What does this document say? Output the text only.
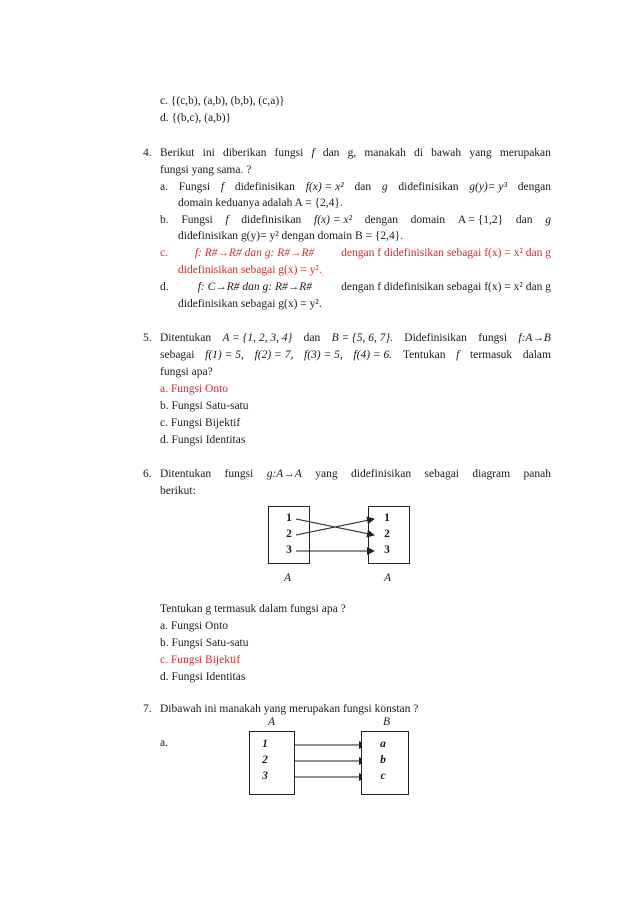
c. {(c,b), (a,b), (b,b), (c,a)}
d. {(b,c), (a,b)}
4. Berikut ini diberikan fungsi f dan g, manakah di bawah yang merupakan
fungsi yang sama. ?
a. Fungsi f didefinisikan f(x) = x² dan g didefinisikan g(y)= y³ dengan
domain keduanya adalah A = {2,4}.
b. Fungsi f didefinisikan f(x) = x² dengan domain A = {1,2} dan g
didefinisikan g(y)= y² dengan domain B = {2,4}.
c. f: R#→R# dan g: R#→R# dengan f didefinisikan sebagai f(x) = x² dan g
didefinisikan sebagai g(x) = y².
d.	f: C→R# dan g: R#→R#	dengan f didefinisikan sebagai f(x) = x² dan g
didefinisikan sebagai g(x) = y².
5. Ditentukan A = {1, 2, 3, 4} dan B = {5, 6, 7}. Didefinisikan fungsi f:A→B
sebagai f(1) = 5, f(2) = 7, f(3) = 5, f(4) = 6. Tentukan f termasuk dalam
fungsi apa?
a. Fungsi Onto
b. Fungsi Satu-satu
c. Fungsi Bijektif
d. Fungsi Identitas
6. Ditentukan fungsi g:A→A yang didefinisikan sebagai diagram panah
berikut:
1
2
3
1
2
3
A	A
Tentukan g termasuk dalam fungsi apa ?
a. Fungsi Onto
b. Fungsi Satu-satu
c. Fungsi Bijektif
d. Fungsi Identitas
7. Dibawah ini manakah yang merupakan fungsi konstan ?
A	B
a.	1
2
3
a
b
c
